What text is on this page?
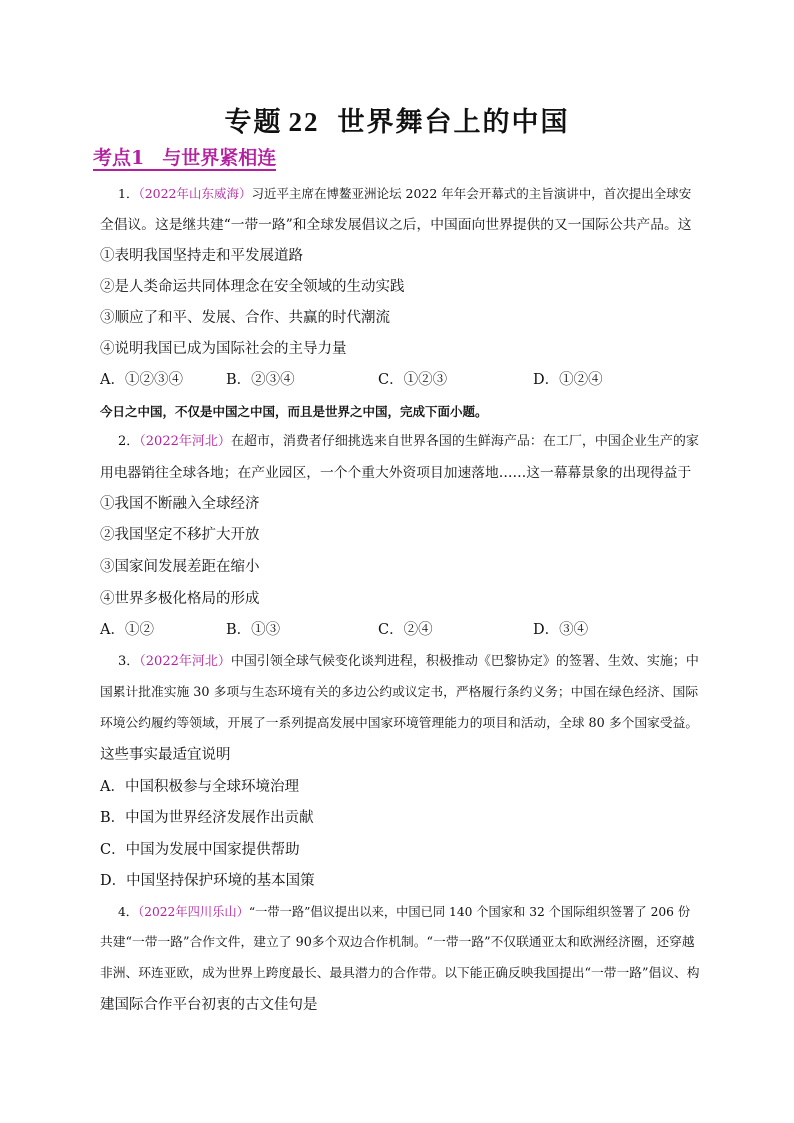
专题 22 世界舞台上的中国
考点1 与世界紧相连
1．（2022年山东威海）习近平主席在博鳌亚洲论坛 2022 年年会开幕式的主旨演讲中，首次提出全球安
全倡议。这是继共建“一带一路”和全球发展倡议之后，中国面向世界提供的又一国际公共产品。这
①表明我国坚持走和平发展道路
②是人类命运共同体理念在安全领域的生动实践
③顺应了和平、发展、合作、共赢的时代潮流
④说明我国已成为国际社会的主导力量
A．①②③④	B．②③④	C．①②③	D．①②④
今日之中国，不仅是中国之中国，而且是世界之中国，完成下面小题。
2．（2022年河北）在超市，消费者仔细挑选来自世界各国的生鲜海产品：在工厂，中国企业生产的家
用电器销往全球各地；在产业园区，一个个重大外资项目加速落地……这一幕幕景象的出现得益于
①我国不断融入全球经济
②我国坚定不移扩大开放
③国家间发展差距在缩小
④世界多极化格局的形成
A．①②	B．①③	C．②④	D．③④
3．（2022年河北）中国引领全球气候变化谈判进程，积极推动《巴黎协定》的签署、生效、实施；中
国累计批准实施 30 多项与生态环境有关的多边公约或议定书，严格履行条约义务；中国在绿色经济、国际
环境公约履约等领域，开展了一系列提高发展中国家环境管理能力的项目和活动，全球 80 多个国家受益。
这些事实最适宜说明
A．中国积极参与全球环境治理
B．中国为世界经济发展作出贡献
C．中国为发展中国家提供帮助
D．中国坚持保护环境的基本国策
4．（2022年四川乐山）“一带一路”倡议提出以来，中国已同 140 个国家和 32 个国际组织签署了 206 份
共建“一带一路”合作文件，建立了 90多个双边合作机制。“一带一路”不仅联通亚太和欧洲经济圈，还穿越
非洲、环连亚欧，成为世界上跨度最长、最具潜力的合作带。以下能正确反映我国提出“一带一路”倡议、构
建国际合作平台初衷的古文佳句是
